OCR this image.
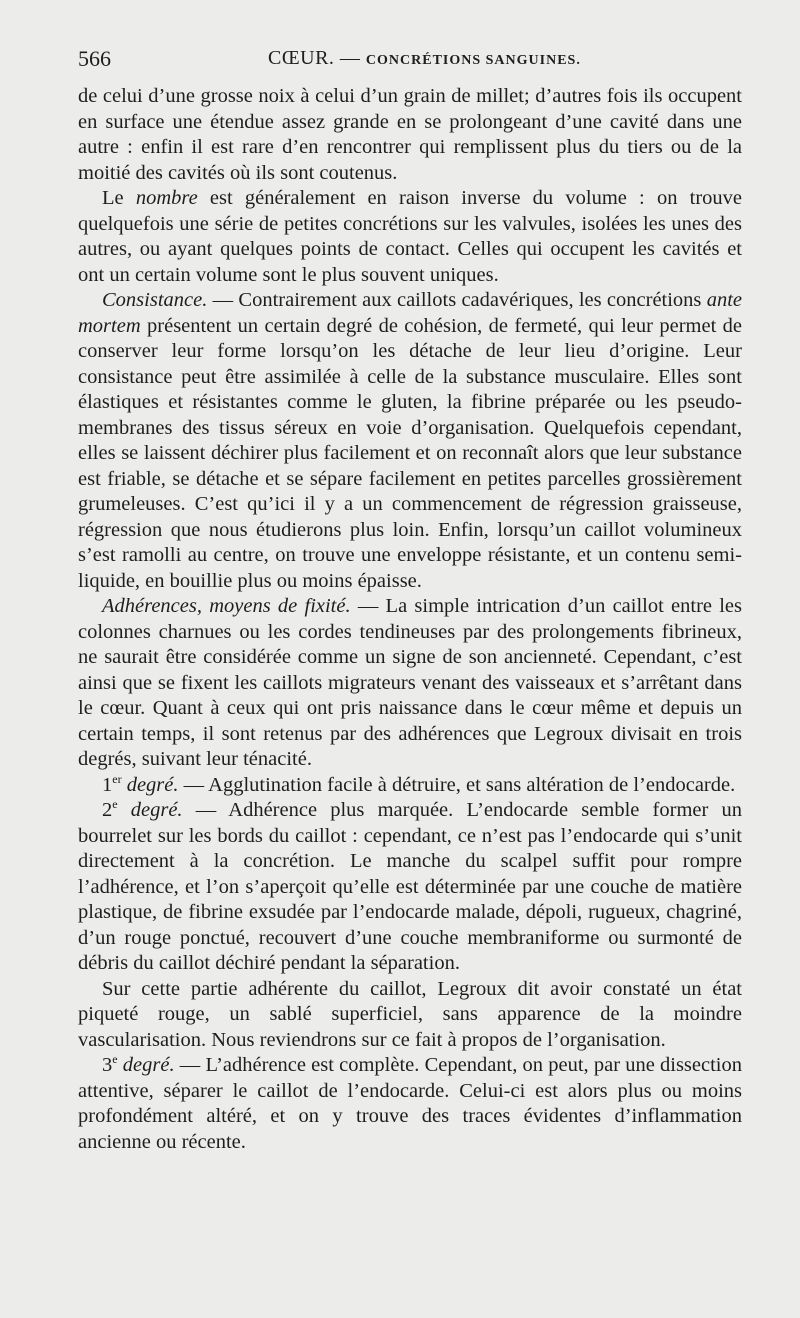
566	CŒUR. — CONCRÉTIONS SANGUINES.

de celui d’une grosse noix à celui d’un grain de millet; d’autres fois ils occupent en surface une étendue assez grande en se prolongeant d’une cavité dans une autre : enfin il est rare d’en rencontrer qui remplissent plus du tiers ou de la moitié des cavités où ils sont coutenus.

Le nombre est généralement en raison inverse du volume : on trouve quelquefois une série de petites concrétions sur les valvules, isolées les unes des autres, ou ayant quelques points de contact. Celles qui occupent les cavités et ont un certain volume sont le plus souvent uniques.

Consistance. — Contrairement aux caillots cadavériques, les concrétions ante mortem présentent un certain degré de cohésion, de fermeté, qui leur permet de conserver leur forme lorsqu’on les détache de leur lieu d’origine. Leur consistance peut être assimilée à celle de la substance musculaire. Elles sont élastiques et résistantes comme le gluten, la fibrine préparée ou les pseudo-membranes des tissus séreux en voie d’organisation. Quelquefois cependant, elles se laissent déchirer plus facilement et on reconnaît alors que leur substance est friable, se détache et se sépare facilement en petites parcelles grossièrement grumeleuses. C’est qu’ici il y a un commencement de régression graisseuse, régression que nous étudierons plus loin. Enfin, lorsqu’un caillot volumineux s’est ramolli au centre, on trouve une enveloppe résistante, et un contenu semi-liquide, en bouillie plus ou moins épaisse.

Adhérences, moyens de fixité. — La simple intrication d’un caillot entre les colonnes charnues ou les cordes tendineuses par des prolongements fibrineux, ne saurait être considérée comme un signe de son ancienneté. Cependant, c’est ainsi que se fixent les caillots migrateurs venant des vaisseaux et s’arrêtant dans le cœur. Quant à ceux qui ont pris naissance dans le cœur même et depuis un certain temps, il sont retenus par des adhérences que Legroux divisait en trois degrés, suivant leur ténacité.

1er degré. — Agglutination facile à détruire, et sans altération de l’endocarde.

2e degré. — Adhérence plus marquée. L’endocarde semble former un bourrelet sur les bords du caillot : cependant, ce n’est pas l’endocarde qui s’unit directement à la concrétion. Le manche du scalpel suffit pour rompre l’adhérence, et l’on s’aperçoit qu’elle est déterminée par une couche de matière plastique, de fibrine exsudée par l’endocarde malade, dépoli, rugueux, chagriné, d’un rouge ponctué, recouvert d’une couche membraniforme ou surmonté de débris du caillot déchiré pendant la séparation.

Sur cette partie adhérente du caillot, Legroux dit avoir constaté un état piqueté rouge, un sablé superficiel, sans apparence de la moindre vascularisation. Nous reviendrons sur ce fait à propos de l’organisation.

3e degré. — L’adhérence est complète. Cependant, on peut, par une dissection attentive, séparer le caillot de l’endocarde. Celui-ci est alors plus ou moins profondément altéré, et on y trouve des traces évidentes d’inflammation ancienne ou récente.
